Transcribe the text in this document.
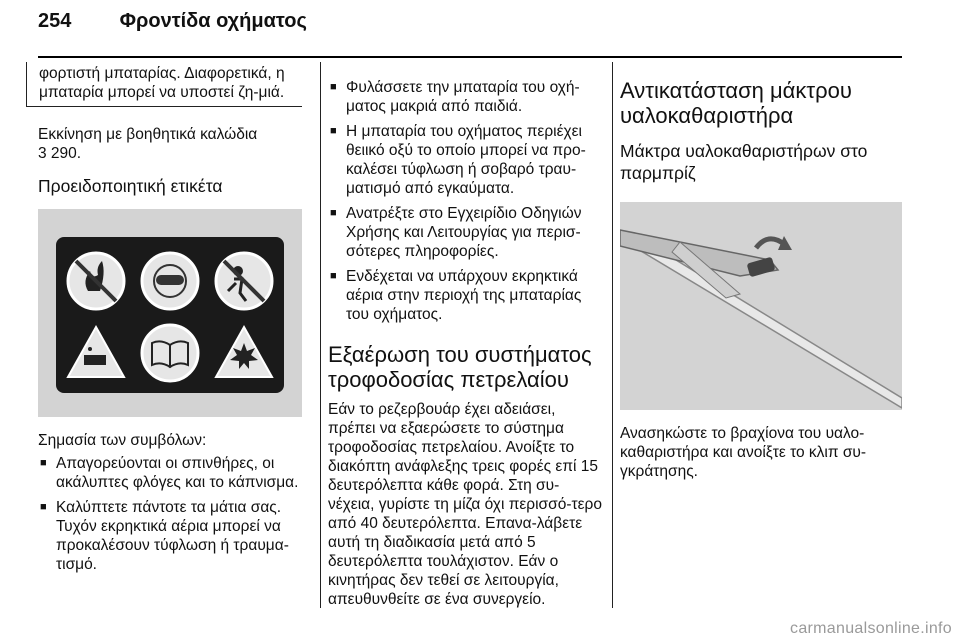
254 Φροντίδα οχήματος

φορτιστή μπαταρίας. Διαφορετικά, η μπαταρία μπορεί να υποστεί ζη-μιά.

Εκκίνηση με βοηθητικά καλώδια

3 290.

Προειδοποιητική ετικέτα

Σημασία των συμβόλων:

■ Απαγορεύονται οι σπινθήρες, οι ακάλυπτες φλόγες και το κάπνισμα.
■ Καλύπτετε πάντοτε τα μάτια σας. Τυχόν εκρηκτικά αέρια μπορεί να προκαλέσουν τύφλωση ή τραυμα-τισμό.
■ Φυλάσσετε την μπαταρία του οχή-ματος μακριά από παιδιά.
■ Η μπαταρία του οχήματος περιέχει θειικό οξύ το οποίο μπορεί να προ-καλέσει τύφλωση ή σοβαρό τραυ-ματισμό από εγκαύματα.
■ Ανατρέξτε στο Εγχειρίδιο Οδηγιών Χρήσης και Λειτουργίας για περισ-σότερες πληροφορίες.
■ Ενδέχεται να υπάρχουν εκρηκτικά αέρια στην περιοχή της μπαταρίας του οχήματος.

Εξαέρωση του συστήματος τροφοδοσίας πετρελαίου

Εάν το ρεζερβουάρ έχει αδειάσει, πρέπει να εξαερώσετε το σύστημα τροφοδοσίας πετρελαίου. Ανοίξτε το διακόπτη ανάφλεξης τρεις φορές επί 15 δευτερόλεπτα κάθε φορά. Στη συ-νέχεια, γυρίστε τη μίζα όχι περισσό-τερο από 40 δευτερόλεπτα. Επανα-λάβετε αυτή τη διαδικασία μετά από 5 δευτερόλεπτα τουλάχιστον. Εάν ο κινητήρας δεν τεθεί σε λειτουργία, απευθυνθείτε σε ένα συνεργείο.

Αντικατάσταση μάκτρου υαλοκαθαριστήρα

Μάκτρα υαλοκαθαριστήρων στο παρμπρίζ

Ανασηκώστε το βραχίονα του υαλο-καθαριστήρα και ανοίξτε το κλιπ συ-γκράτησης.

carmanualsonline.info
